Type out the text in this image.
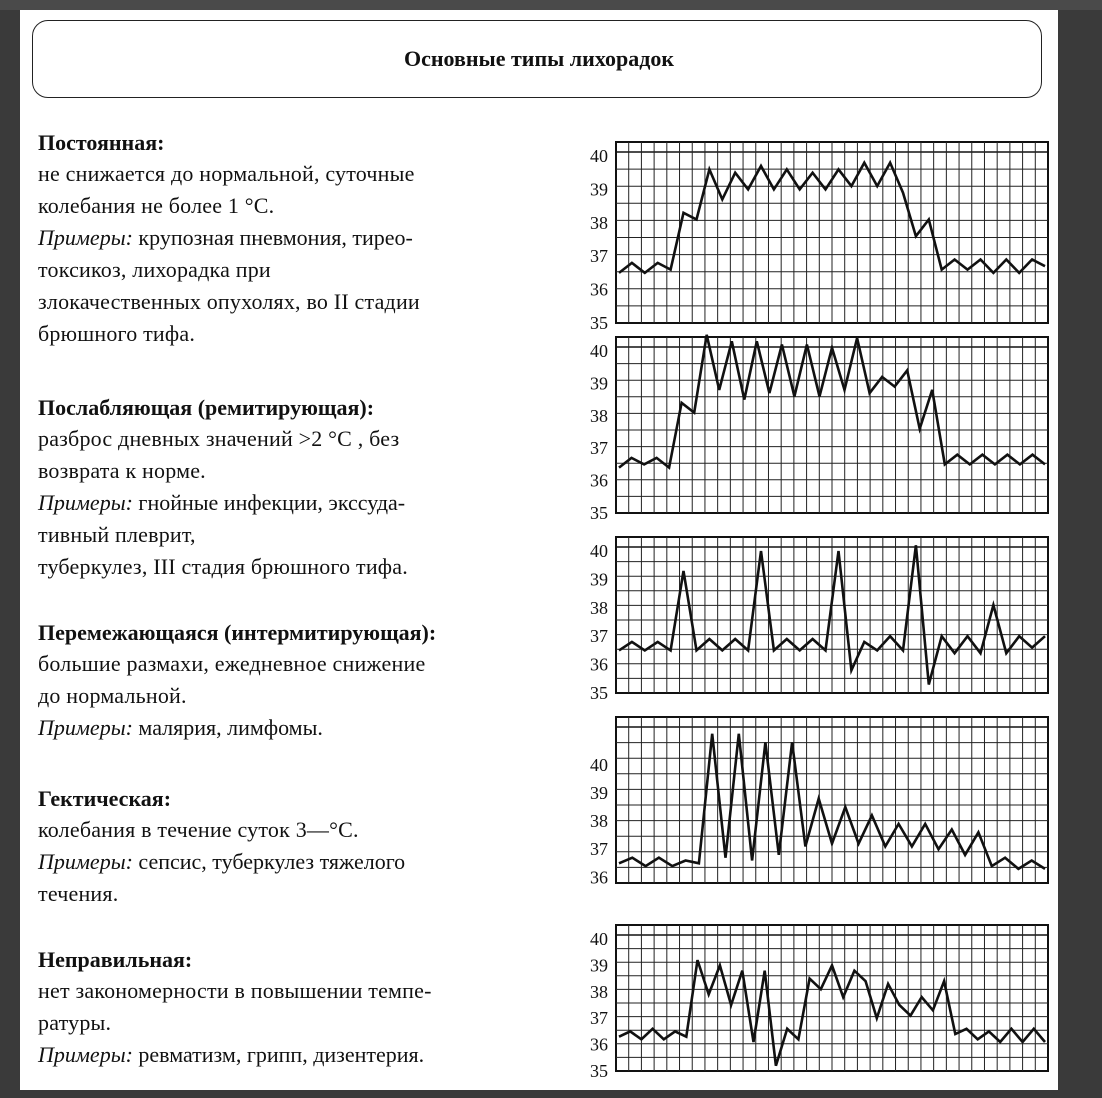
Основные типы лихорадок
Постоянная:
не снижается до нормальной, суточные
колебания не более 1 °С.
Примеры: крупозная пневмония, тирео-
токсикоз, лихорадка при
злокачественных опухолях, во II стадии
брюшного тифа.
Послабляющая (ремитирующая):
разброс дневных значений >2 °С , без
возврата к норме.
Примеры: гнойные инфекции, экссуда-
тивный плеврит,
туберкулез, III стадия брюшного тифа.
Перемежающаяся (интермитирующая):
большие размахи, ежедневное снижение
до нормальной.
Примеры: малярия, лимфомы.
Гектическая:
колебания в течение суток 3—°С.
Примеры: сепсис, туберкулез тяжелого
течения.
Неправильная:
нет закономерности в повышении темпе-
ратуры.
Примеры: ревматизм, грипп, дизентерия.
40
39
38
37
36
35
40
39
38
37
36
35
40
39
38
37
36
35
40
39
38
37
36
40
39
38
37
36
35
